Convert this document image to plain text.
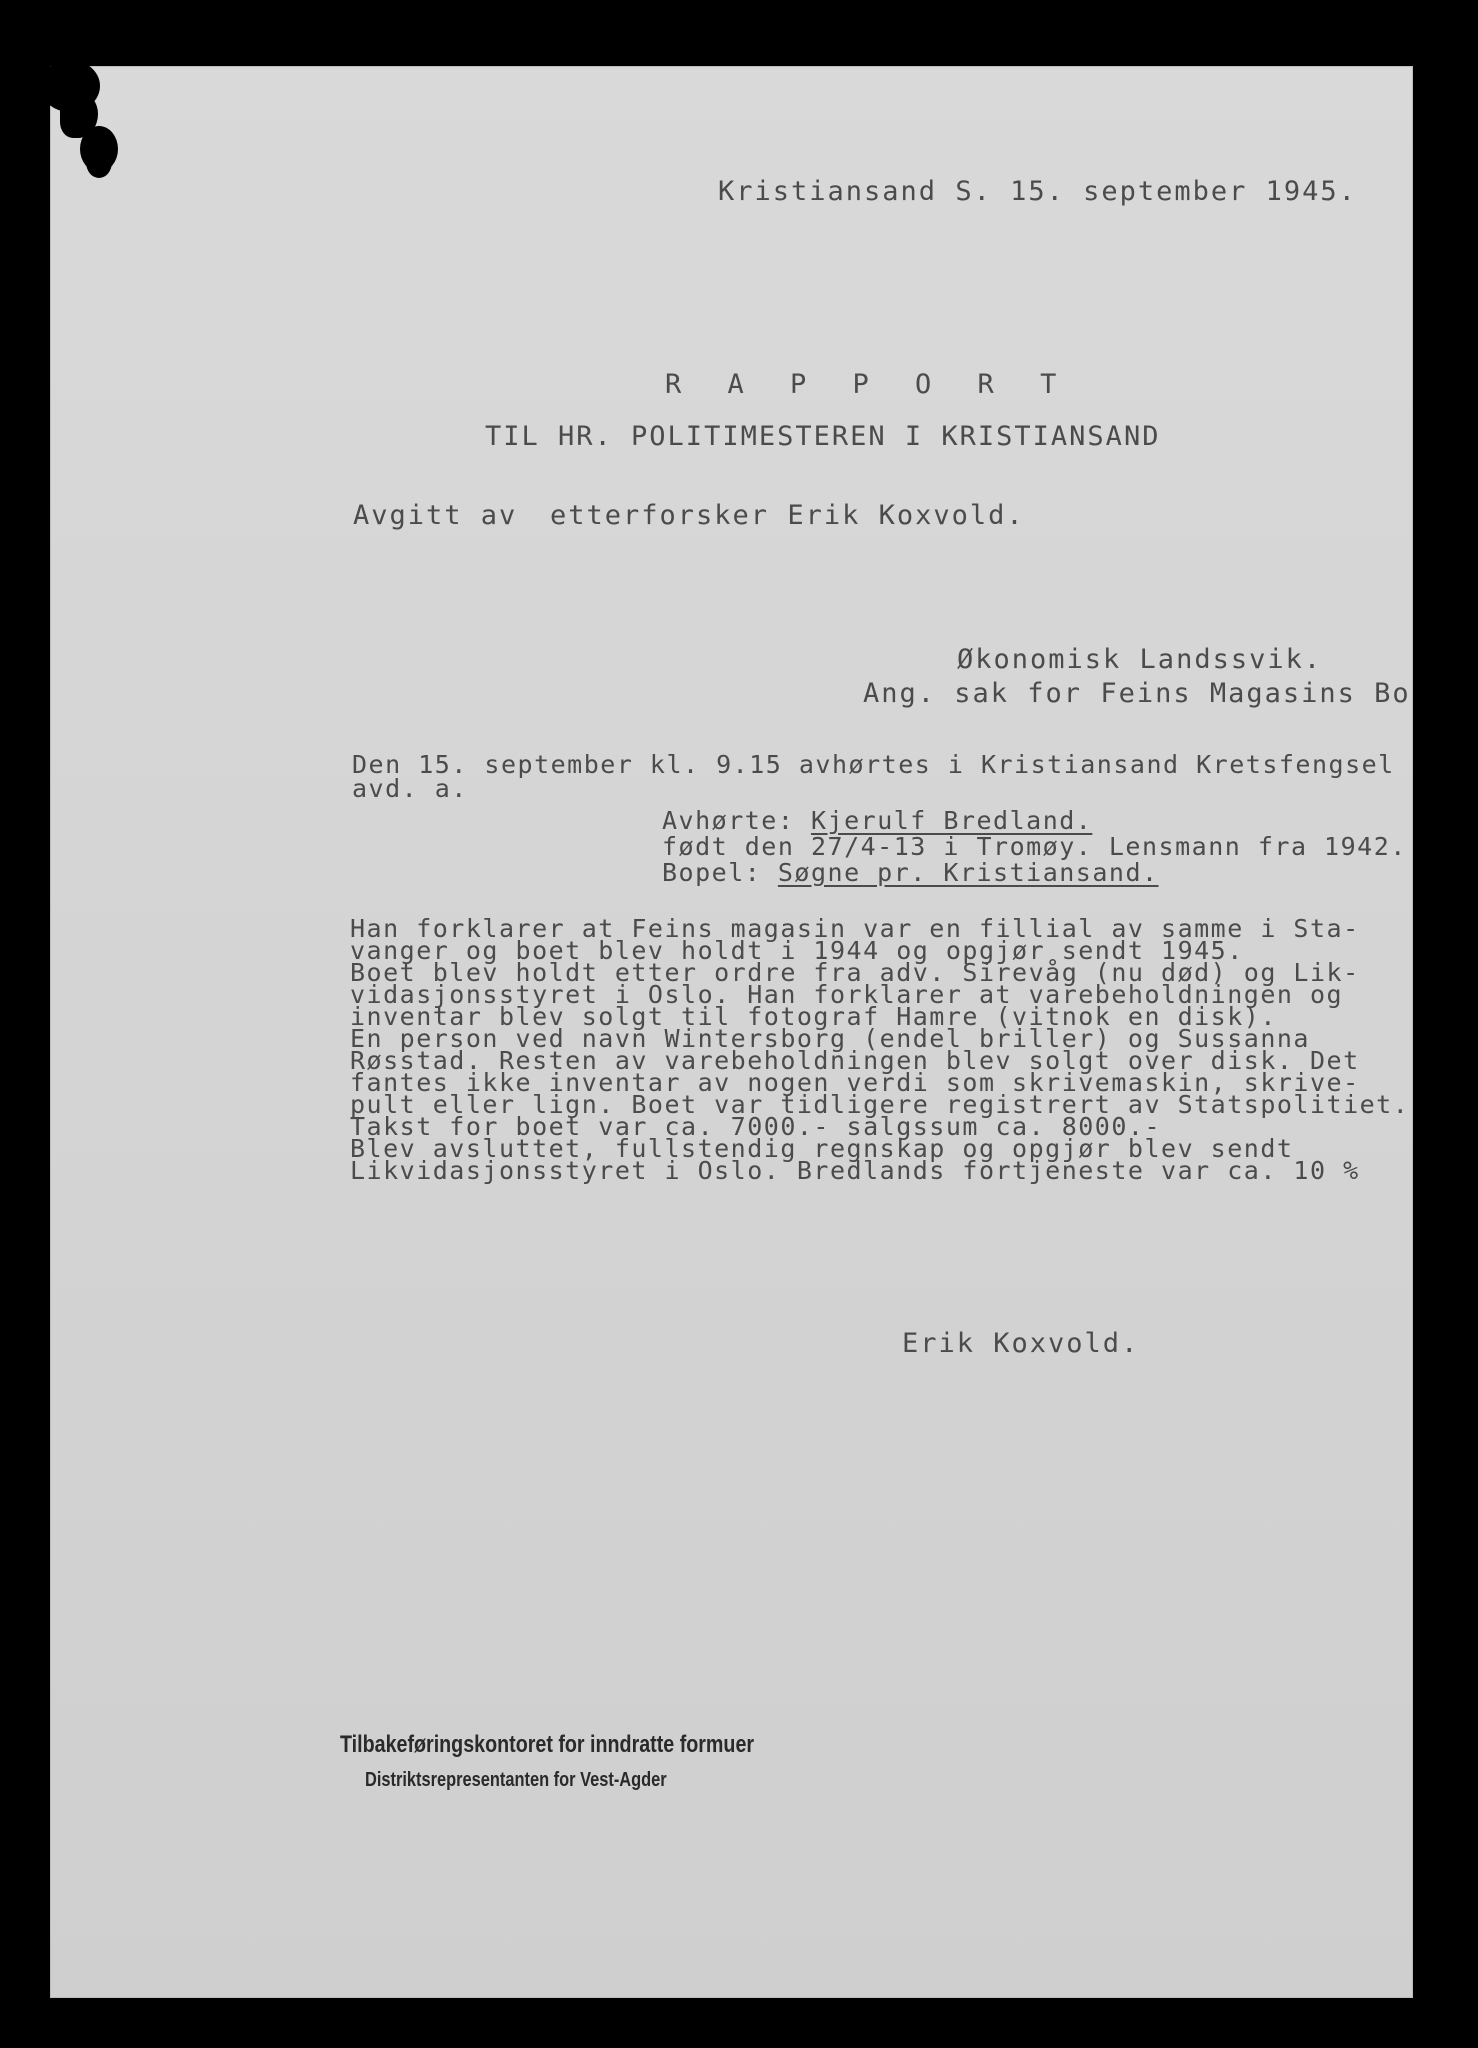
Kristiansand S. 15. september 1945.
R A P P O R T
TIL HR. POLITIMESTEREN I KRISTIANSAND
Avgitt av etterforsker Erik Koxvold.
Økonomisk Landssvik.
Ang. sak for Feins Magasins Bo
Den 15. september kl. 9.15 avhørtes i Kristiansand Kretsfengsel
avd. a.
Avhørte: Kjerulf Bredland.
født den 27/4-13 i Tromøy. Lensmann fra 1942.
Bopel: Søgne pr. Kristiansand.
Han forklarer at Feins magasin var en fillial av samme i Sta-
vanger og boet blev holdt i 1944 og opgjør sendt 1945.
Boet blev holdt etter ordre fra adv. Sirevåg (nu død) og Lik-
vidasjonsstyret i Oslo. Han forklarer at varebeholdningen og
inventar blev solgt til fotograf Hamre (vitnok en disk).
En person ved navn Wintersborg (endel briller) og Sussanna
Røsstad. Resten av varebeholdningen blev solgt over disk. Det
fantes ikke inventar av nogen verdi som skrivemaskin, skrive-
pult eller lign. Boet var tidligere registrert av Statspolitiet.
Takst for boet var ca. 7000.- salgssum ca. 8000.-
Blev avsluttet, fullstendig regnskap og opgjør blev sendt
Likvidasjonsstyret i Oslo. Bredlands fortjeneste var ca. 10 %
Erik Koxvold.
Tilbakeføringskontoret for inndratte formuer
Distriktsrepresentanten for Vest-Agder
